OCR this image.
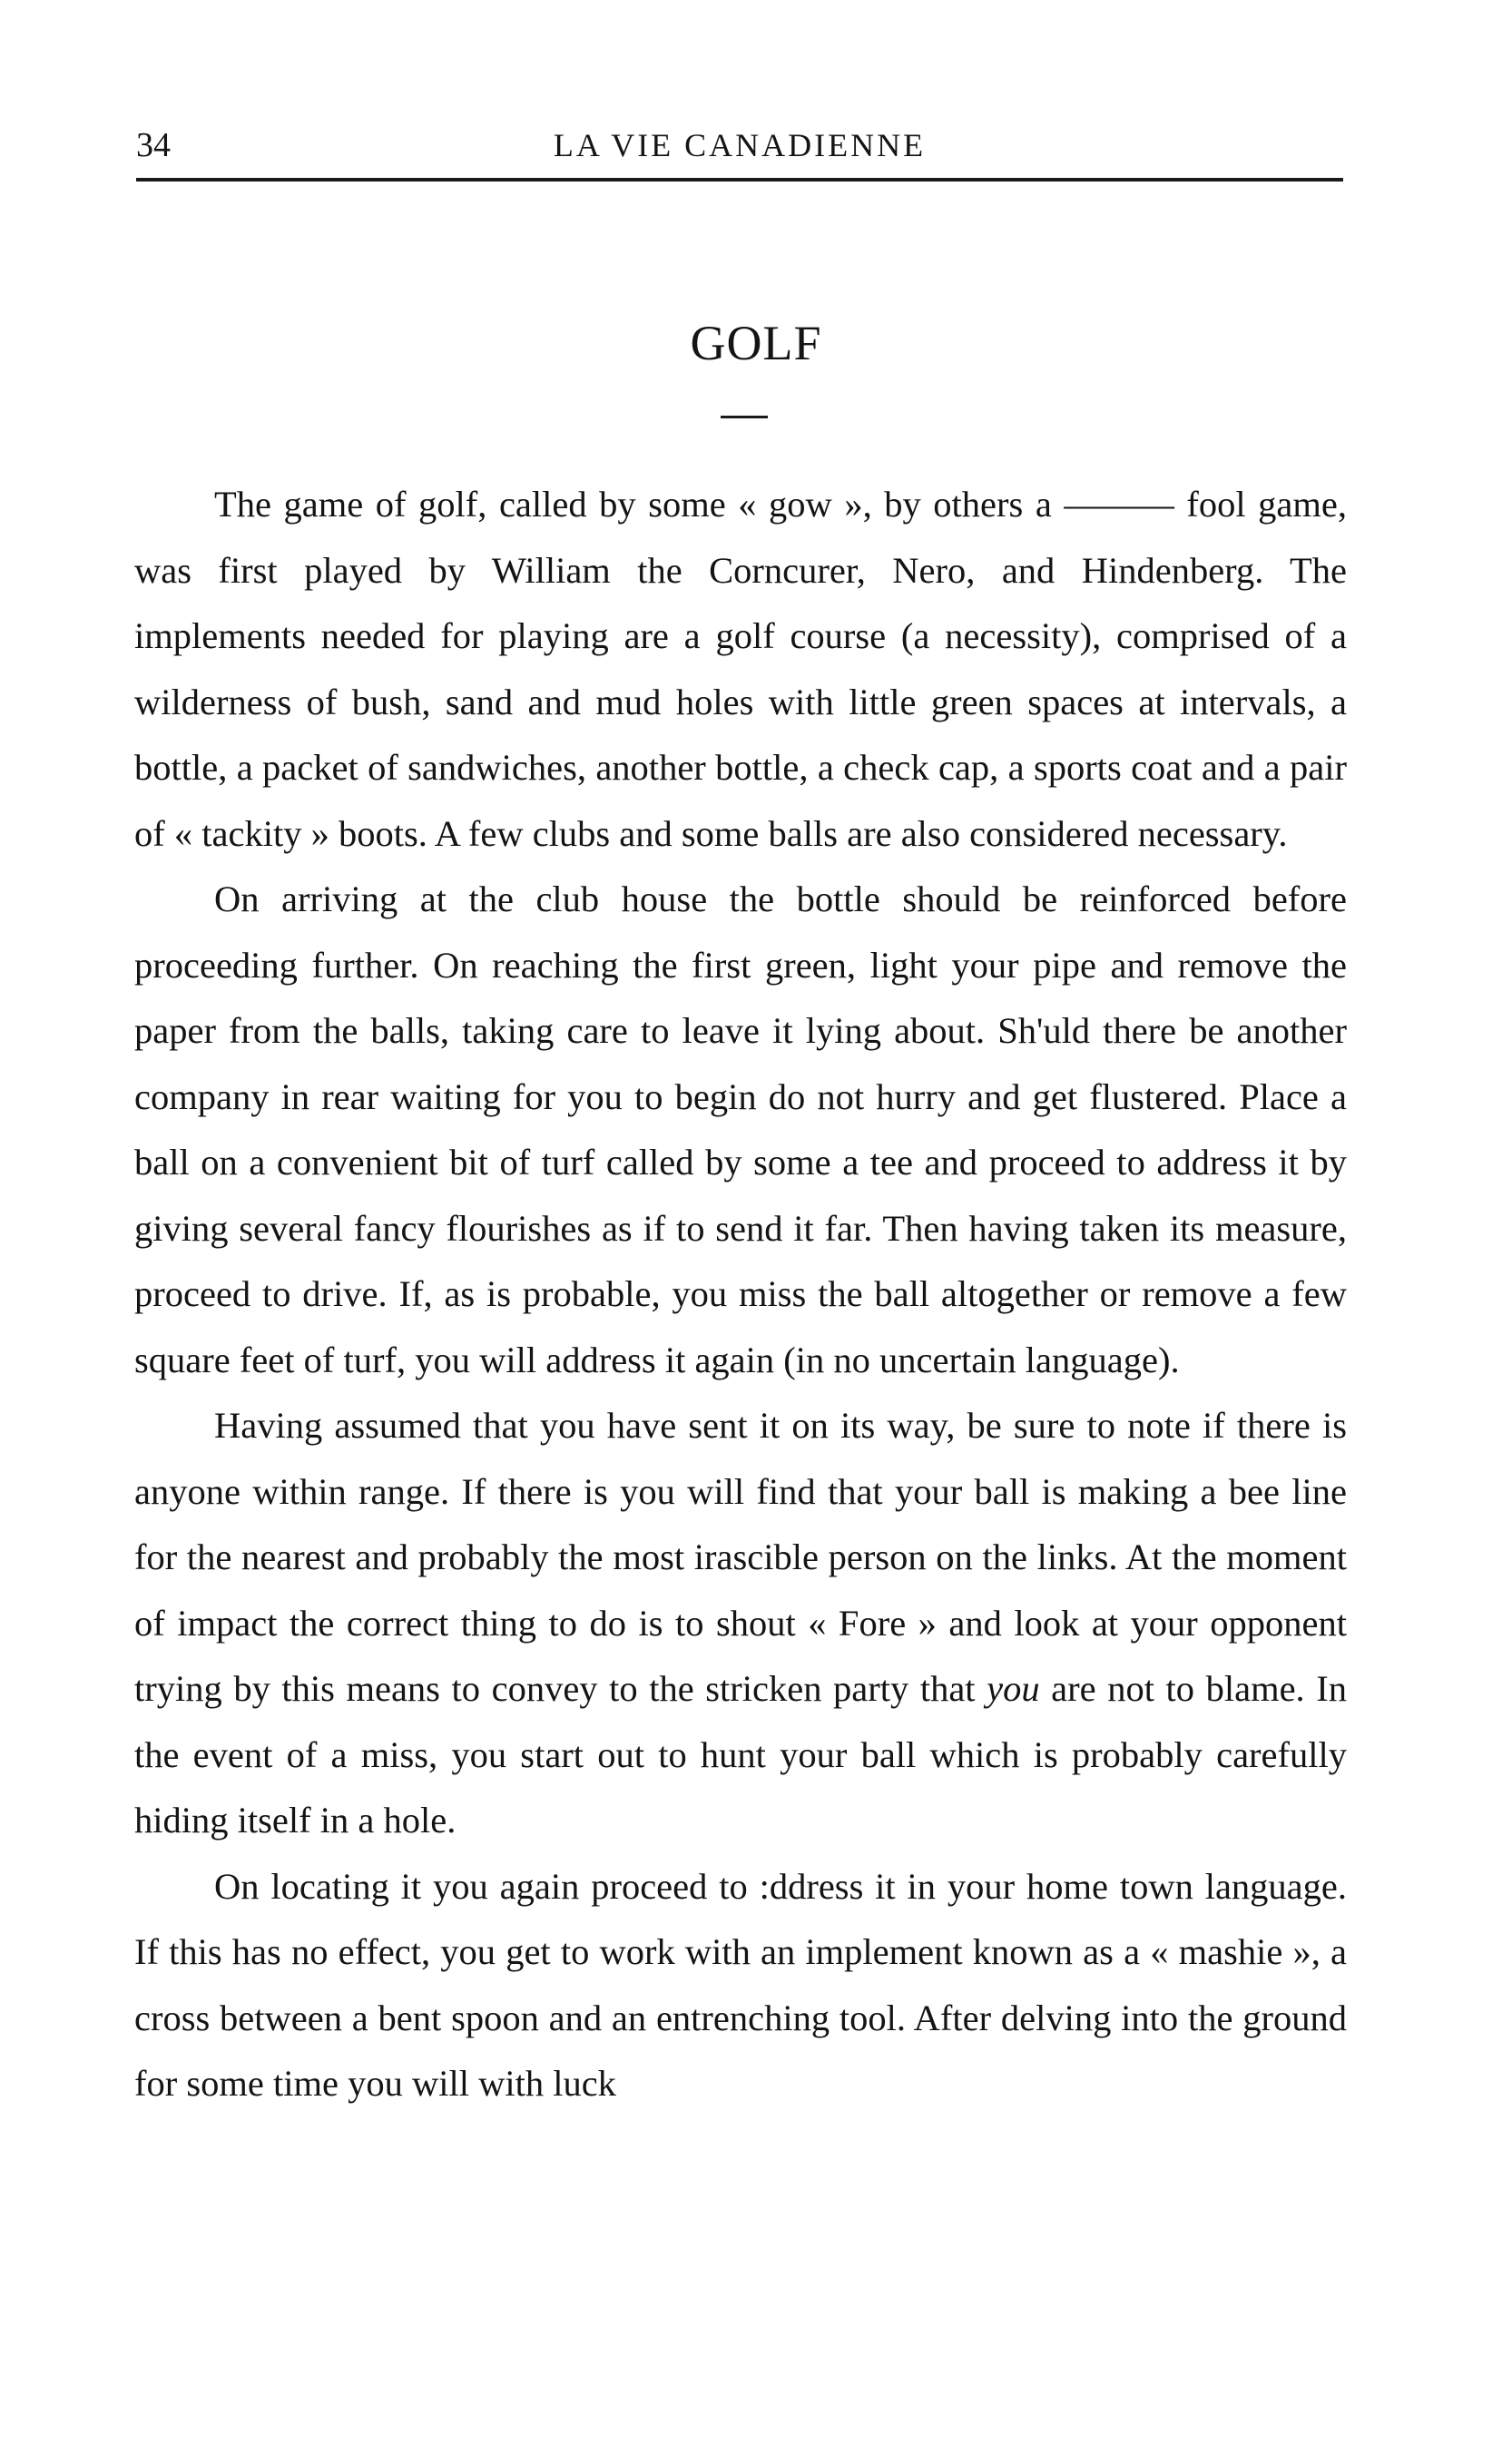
34	LA VIE CANADIENNE
GOLF

The game of golf, called by some « gow », by others a ——— fool game, was first played by William the Corncurer, Nero, and Hindenberg. The implements needed for playing are a golf course (a necessity), comprised of a wilderness of bush, sand and mud holes with little green spaces at intervals, a bottle, a packet of sandwiches, another bottle, a check cap, a sports coat and a pair of « tackity » boots. A few clubs and some balls are also considered necessary.

On arriving at the club house the bottle should be reinforced before proceeding further. On reaching the first green, light your pipe and remove the paper from the balls, taking care to leave it lying about. Sh'uld there be another company in rear waiting for you to begin do not hurry and get flustered. Place a ball on a convenient bit of turf called by some a tee and proceed to address it by giving several fancy flourishes as if to send it far. Then having taken its measure, proceed to drive. If, as is probable, you miss the ball altogether or remove a few square feet of turf, you will address it again (in no uncertain language).

Having assumed that you have sent it on its way, be sure to note if there is anyone within range. If there is you will find that your ball is making a bee line for the nearest and probably the most irascible person on the links. At the moment of impact the correct thing to do is to shout « Fore » and look at your opponent trying by this means to convey to the stricken party that you are not to blame. In the event of a miss, you start out to hunt your ball which is probably carefully hiding itself in a hole.

On locating it you again proceed to :ddress it in your home town language. If this has no effect, you get to work with an implement known as a « mashie », a cross between a bent spoon and an entrenching tool. After delving into the ground for some time you will with luck
